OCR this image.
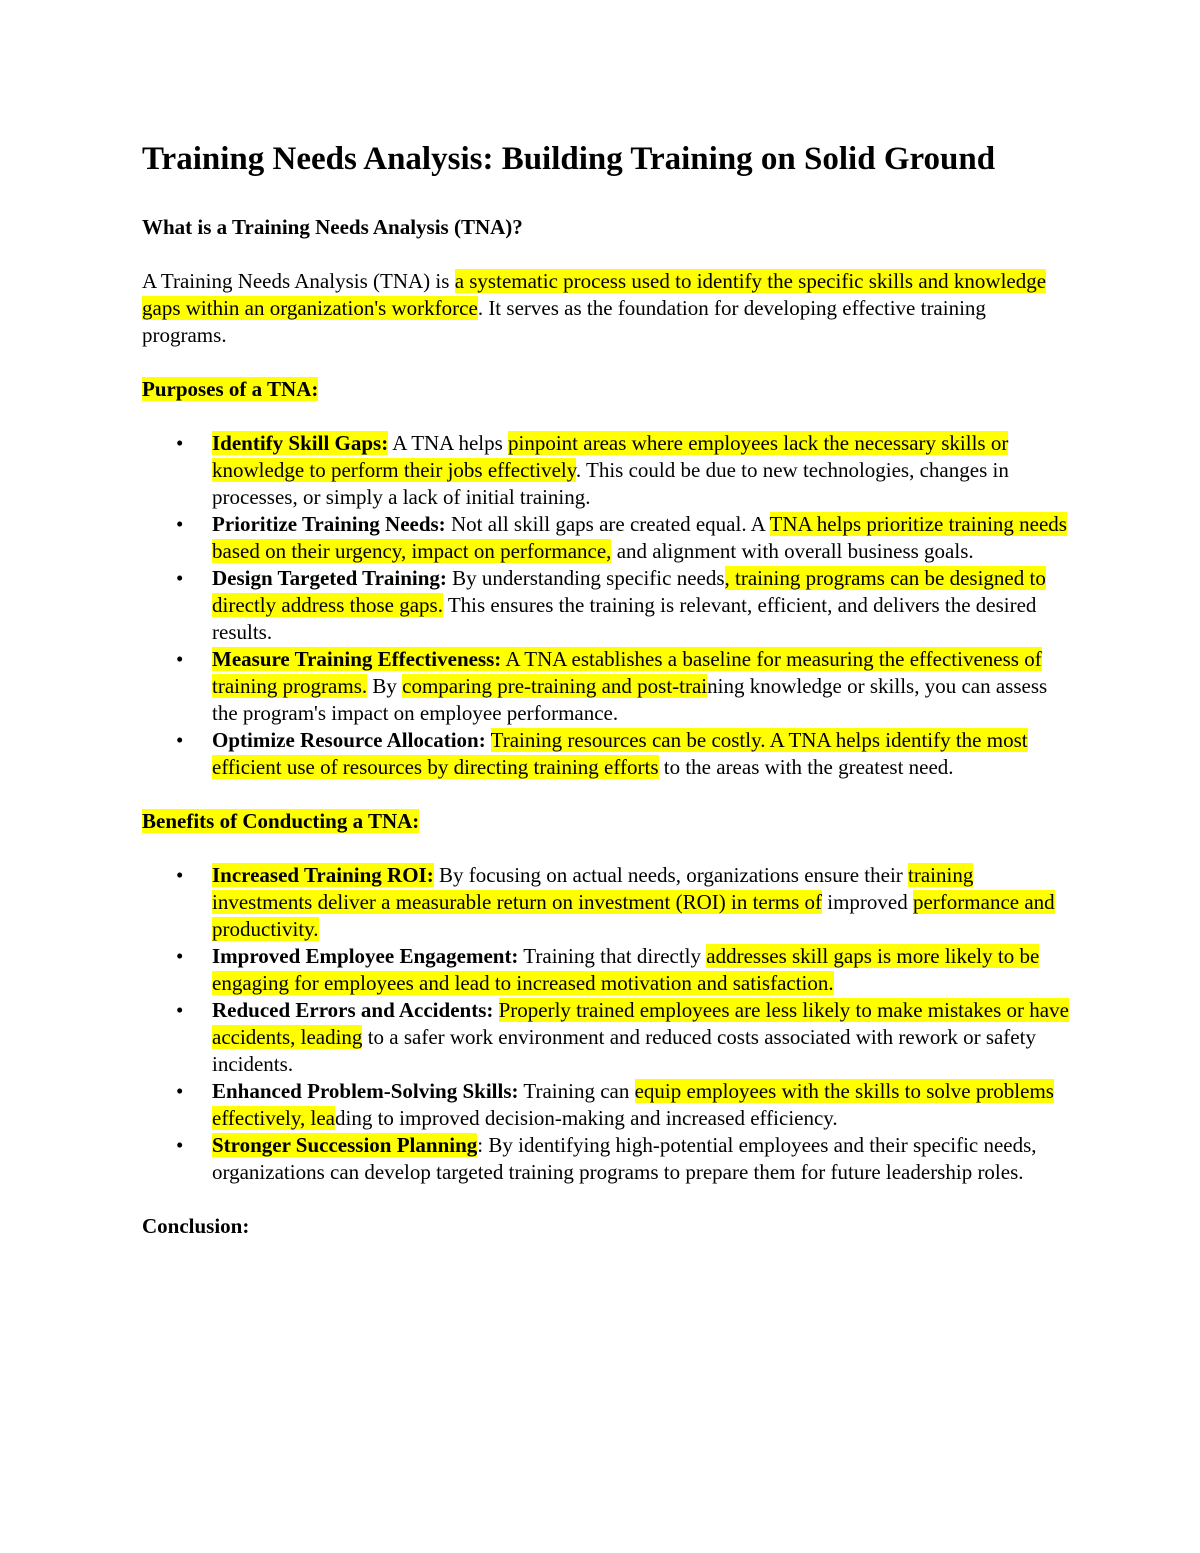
Training Needs Analysis: Building Training on Solid Ground
What is a Training Needs Analysis (TNA)?
A Training Needs Analysis (TNA) is a systematic process used to identify the specific skills and knowledge gaps within an organization's workforce. It serves as the foundation for developing effective training programs.
Purposes of a TNA:
• Identify Skill Gaps: A TNA helps pinpoint areas where employees lack the necessary skills or knowledge to perform their jobs effectively. This could be due to new technologies, changes in processes, or simply a lack of initial training.
• Prioritize Training Needs: Not all skill gaps are created equal. A TNA helps prioritize training needs based on their urgency, impact on performance, and alignment with overall business goals.
• Design Targeted Training: By understanding specific needs, training programs can be designed to directly address those gaps. This ensures the training is relevant, efficient, and delivers the desired results.
• Measure Training Effectiveness: A TNA establishes a baseline for measuring the effectiveness of training programs. By comparing pre-training and post-training knowledge or skills, you can assess the program's impact on employee performance.
• Optimize Resource Allocation: Training resources can be costly. A TNA helps identify the most efficient use of resources by directing training efforts to the areas with the greatest need.
Benefits of Conducting a TNA:
• Increased Training ROI: By focusing on actual needs, organizations ensure their training investments deliver a measurable return on investment (ROI) in terms of improved performance and productivity.
• Improved Employee Engagement: Training that directly addresses skill gaps is more likely to be engaging for employees and lead to increased motivation and satisfaction.
• Reduced Errors and Accidents: Properly trained employees are less likely to make mistakes or have accidents, leading to a safer work environment and reduced costs associated with rework or safety incidents.
• Enhanced Problem-Solving Skills: Training can equip employees with the skills to solve problems effectively, leading to improved decision-making and increased efficiency.
• Stronger Succession Planning: By identifying high-potential employees and their specific needs, organizations can develop targeted training programs to prepare them for future leadership roles.
Conclusion:
